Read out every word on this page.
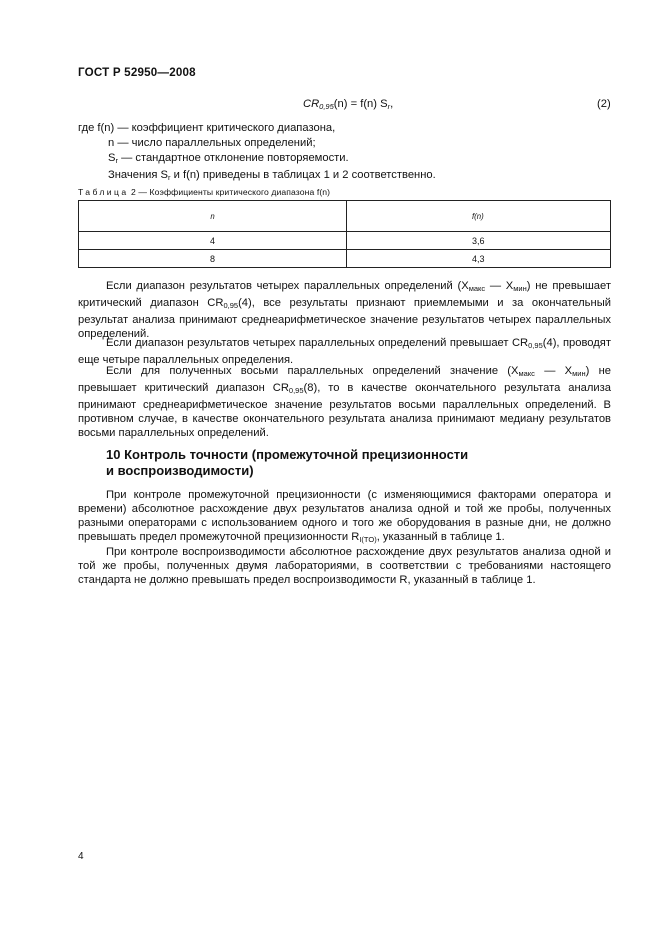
ГОСТ Р 52950—2008
$CR_{0,95}(n) = f(n)$ $S_r$,	(2)
где f(n) — коэффициент критического диапазона,
n — число параллельных определений;
$S_r$ — стандартное отклонение повторяемости.
Значения $S_r$ и f(n) приведены в таблицах 1 и 2 соответственно.
Таблица 2 — Коэффициенты критического диапазона f(n)
n	f(n)
4	3,6
8	4,3
Если диапазон результатов четырех параллельных определений ($X_{макс}$ — $X_{мин}$) не превышает критический диапазон $CR_{0,95}(4)$, все результаты признают приемлемыми и за окончательный результат анализа принимают среднеарифметическое значение результатов четырех параллельных определений.
Если диапазон результатов четырех параллельных определений превышает $CR_{0,95}(4)$, проводят еще четыре параллельных определения.
Если для полученных восьми параллельных определений значение ($X_{макс}$ — $X_{мин}$) не превышает критический диапазон $CR_{0,95}(8)$, то в качестве окончательного результата анализа принимают среднеарифметическое значение результатов восьми параллельных определений. В противном случае, в качестве окончательного результата анализа принимают медиану результатов восьми параллельных определений.
10 Контроль точности (промежуточной прецизионности
и воспроизводимости)
При контроле промежуточной прецизионности (с изменяющимися факторами оператора и времени) абсолютное расхождение двух результатов анализа одной и той же пробы, полученных разными операторами с использованием одного и того же оборудования в разные дни, не должно превышать предел промежуточной прецизионности $R_{I(TO)}$, указанный в таблице 1.
При контроле воспроизводимости абсолютное расхождение двух результатов анализа одной и той же пробы, полученных двумя лабораториями, в соответствии с требованиями настоящего стандарта не должно превышать предел воспроизводимости R, указанный в таблице 1.
4
